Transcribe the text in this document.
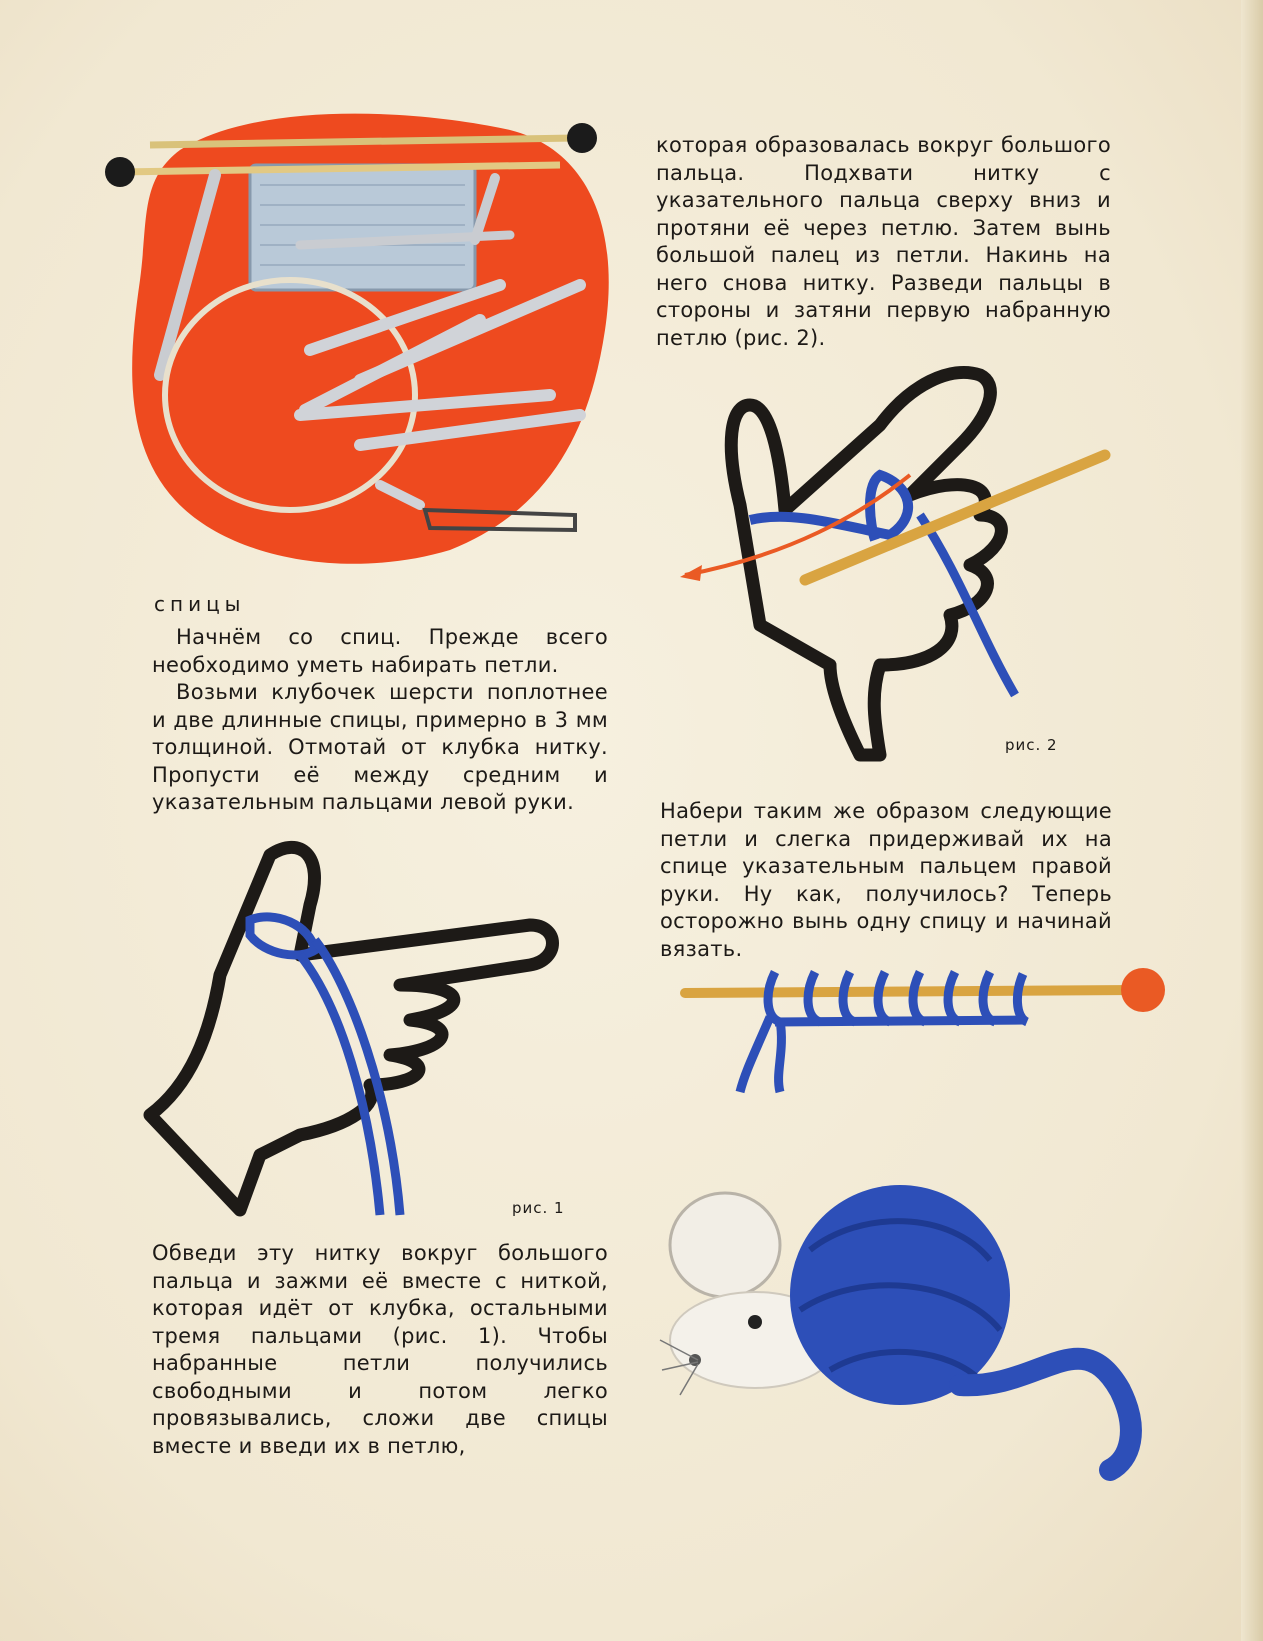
спицы

Начнём со спиц. Прежде всего необходимо уметь набирать петли.

Возьми клубочек шерсти поплотнее и две длинные спицы, примерно в 3 мм толщиной. Отмотай от клубка нитку. Пропусти её между средним и указательным пальцами левой руки.

рис. 1

Обведи эту нитку вокруг большого пальца и зажми её вместе с ниткой, которая идёт от клубка, остальными тремя пальцами (рис. 1). Чтобы набранные петли получились свободными и потом легко провязывались, сложи две спицы вместе и введи их в петлю,

которая образовалась вокруг большого пальца. Подхвати нитку с указательного пальца сверху вниз и протяни её через петлю. Затем вынь большой палец из петли. Накинь на него снова нитку. Разведи пальцы в стороны и затяни первую набранную петлю (рис. 2).

рис. 2

Набери таким же образом следующие петли и слегка придерживай их на спице указательным пальцем правой руки. Ну как, получилось? Теперь осторожно вынь одну спицу и начинай вязать.
